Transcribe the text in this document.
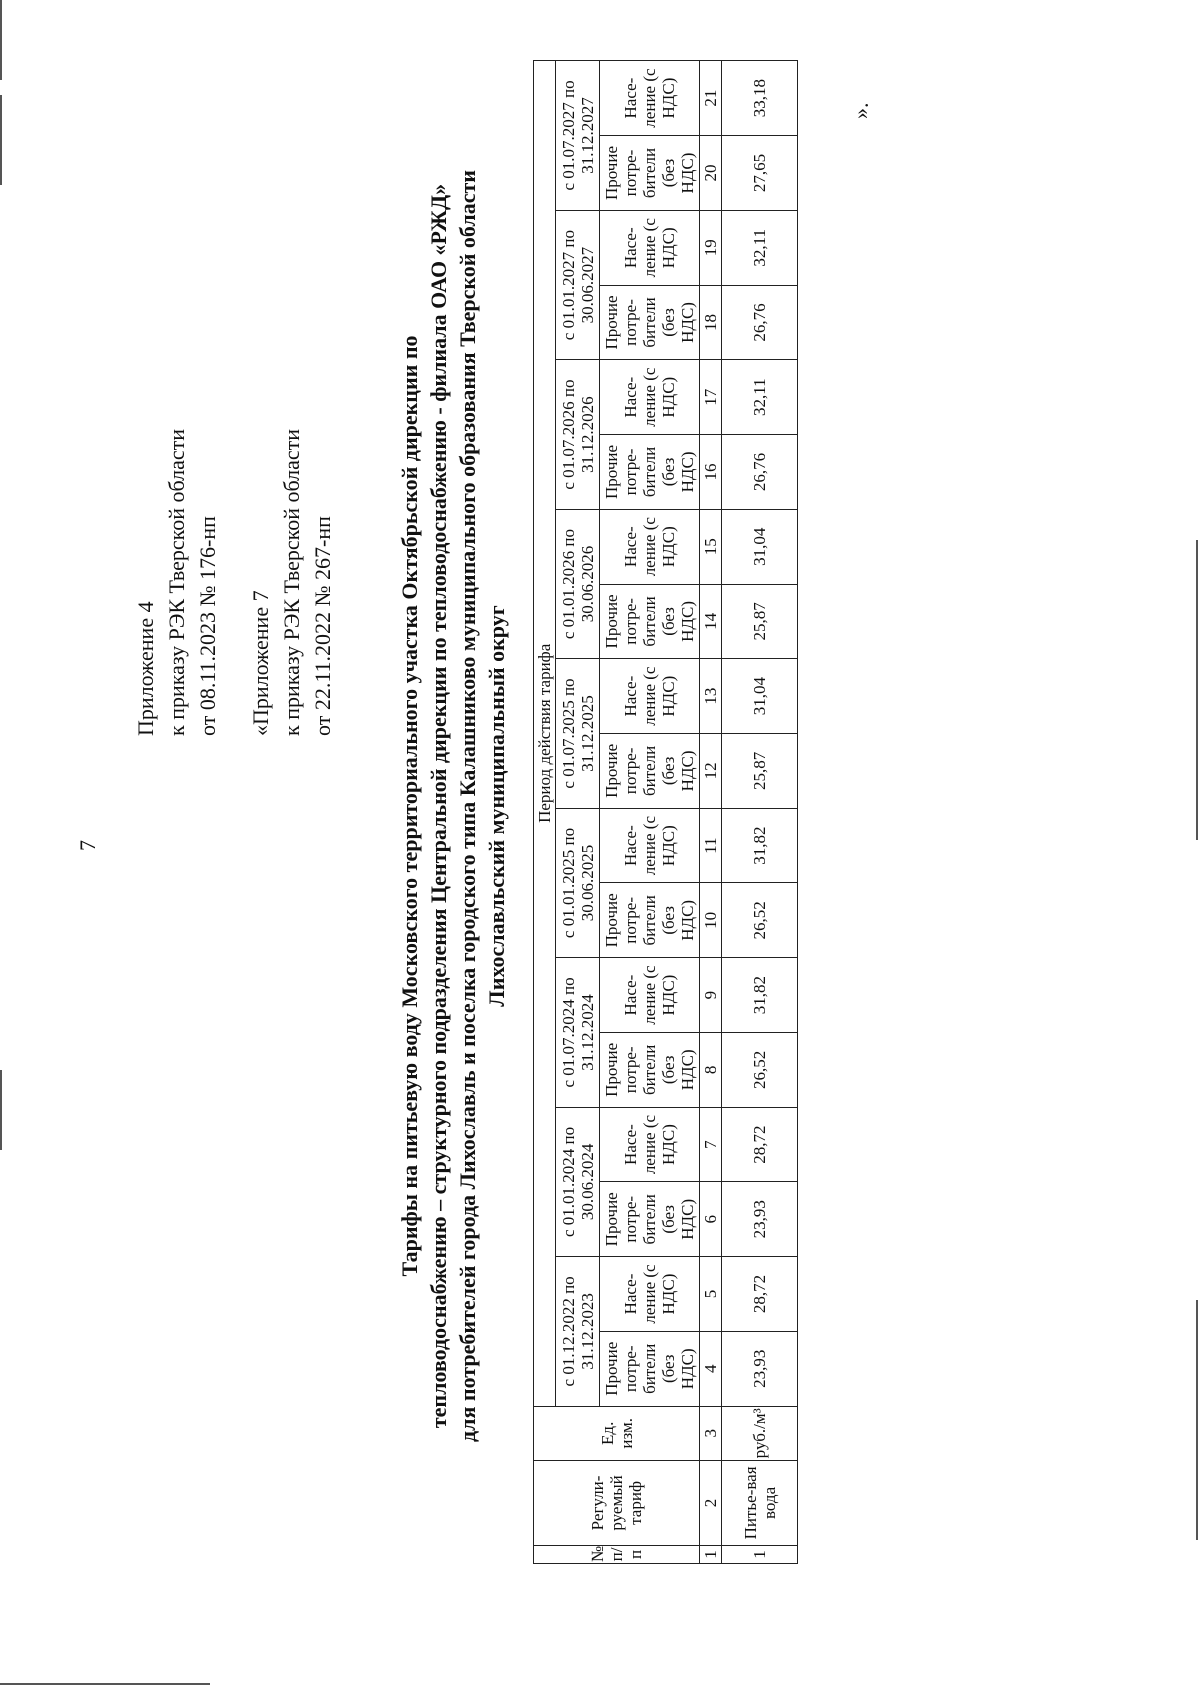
7
Приложение 4 к приказу РЭК Тверской области от 08.11.2023 № 176-нп «Приложение 7 к приказу РЭК Тверской области от 22.11.2022 № 267-нп	Тарифы на питьевую воду Московского территориального участка Октябрьской дирекции по тепловодоснабжению – структурного подразделения Центральной дирекции по тепловодоснабжению - филиала ОАО «РЖД» для потребителей города Лихославль и поселка городского типа Калашниково муниципального образования Тверской области Лихославльский муниципальный округ
№ п/п	Регули-руемый тариф	Ед. изм.	Период действия тарифа																	
			с 01.12.2022 по 31.12.2023		с 01.01.2024 по 30.06.2024		с 01.07.2024 по 31.12.2024		с 01.01.2025 по 30.06.2025		с 01.07.2025 по 31.12.2025		с 01.01.2026 по 30.06.2026		с 01.07.2026 по 31.12.2026		с 01.01.2027 по 30.06.2027		с 01.07.2027 по 31.12.2027	
			Прочие потре-бители (без НДС)	Насе-ление (с НДС)	Прочие потре-бители (без НДС)	Насе-ление (с НДС)	Прочие потре-бители (без НДС)	Насе-ление (с НДС)	Прочие потре-бители (без НДС)	Насе-ление (с НДС)	Прочие потре-бители (без НДС)	Насе-ление (с НДС)	Прочие потре-бители (без НДС)	Насе-ление (с НДС)	Прочие потре-бители (без НДС)	Насе-ление (с НДС)	Прочие потре-бители (без НДС)	Насе-ление (с НДС)	Прочие потре-бители (без НДС)	Насе-ление (с НДС)
1	2	3	4	5	6	7	8	9	10	11	12	13	14	15	16	17	18	19	20	21
1	Питье-вая вода	руб./м³	23,93	28,72	23,93	28,72	26,52	31,82	26,52	31,82	25,87	31,04	25,87	31,04	26,76	32,11	26,76	32,11	27,65	33,18	».
